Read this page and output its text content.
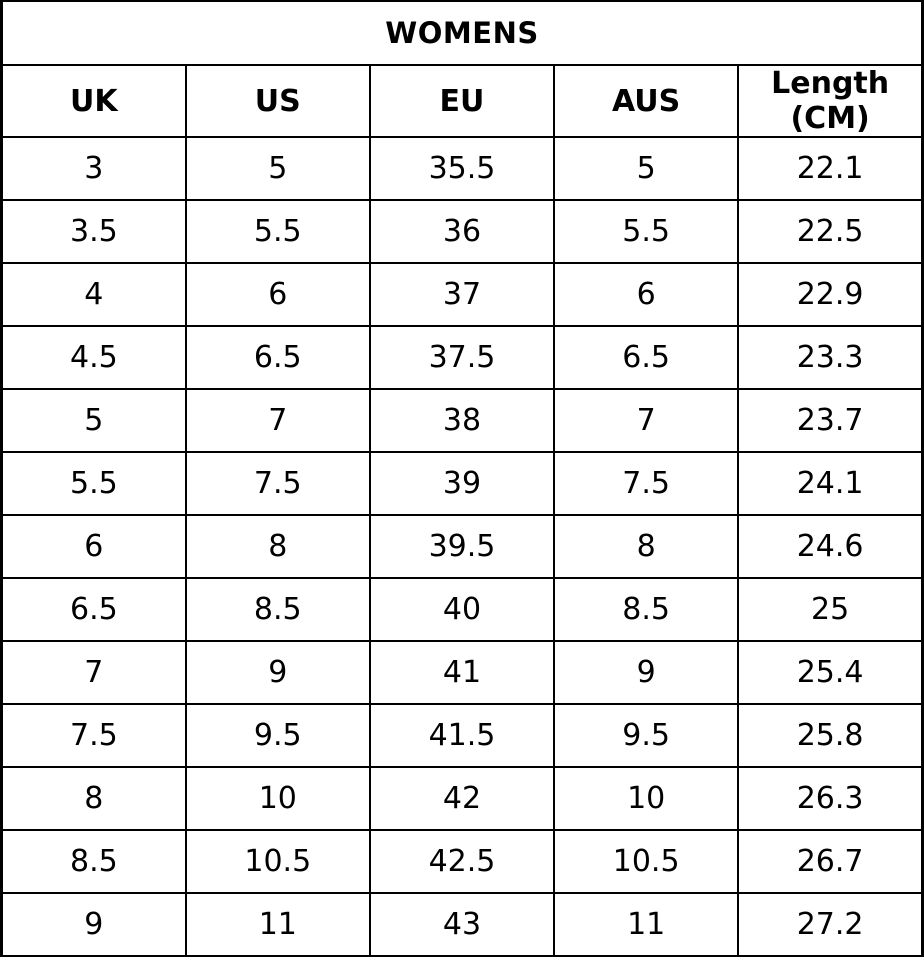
WOMENS				
UK	US	EU	AUS	Length (CM)
3	5	35.5	5	22.1
3.5	5.5	36	5.5	22.5
4	6	37	6	22.9
4.5	6.5	37.5	6.5	23.3
5	7	38	7	23.7
5.5	7.5	39	7.5	24.1
6	8	39.5	8	24.6
6.5	8.5	40	8.5	25
7	9	41	9	25.4
7.5	9.5	41.5	9.5	25.8
8	10	42	10	26.3
8.5	10.5	42.5	10.5	26.7
9	11	43	11	27.2
